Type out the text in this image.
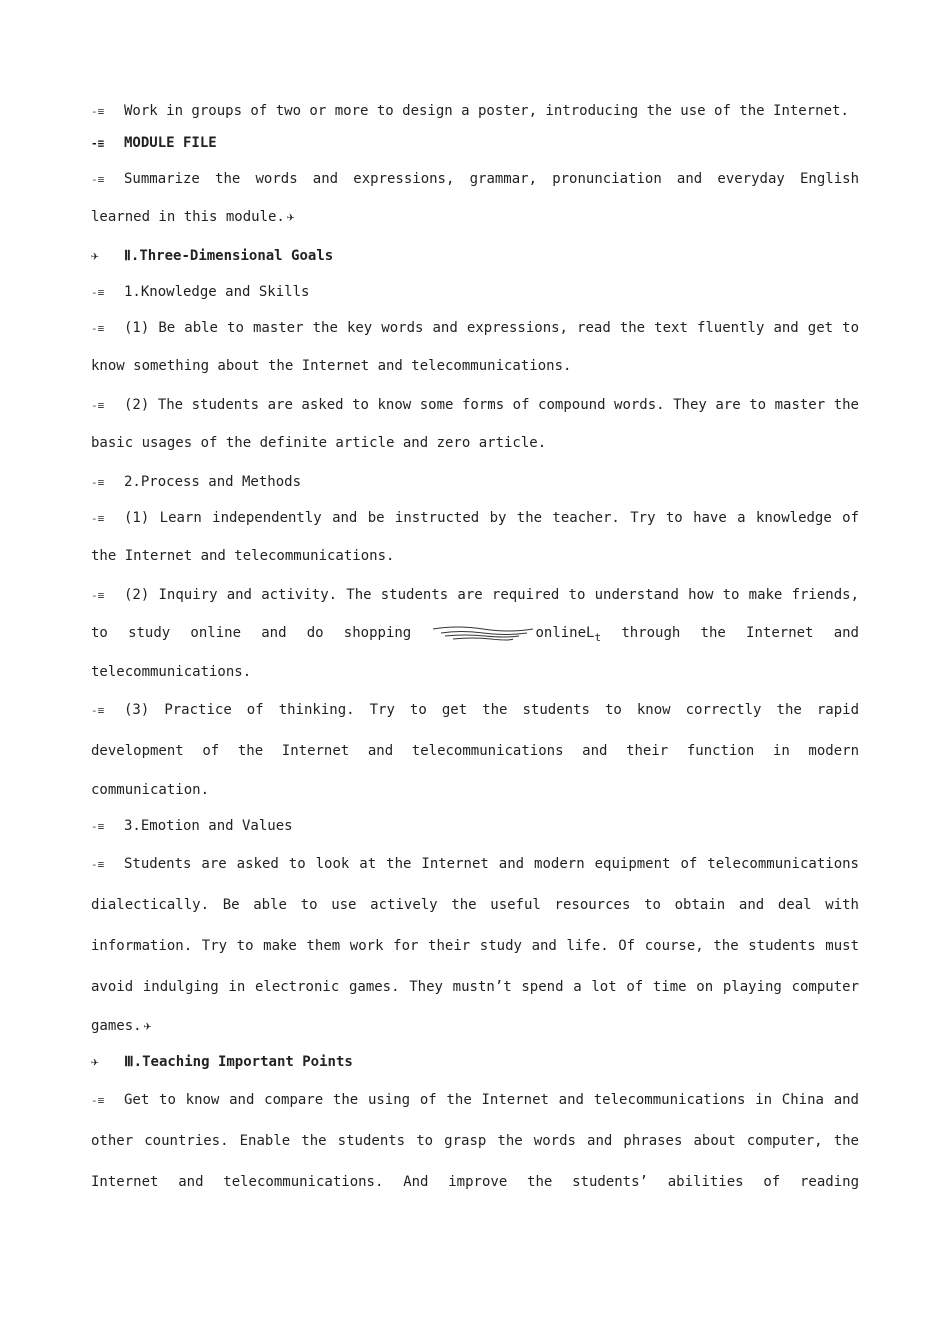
-≡ Work in groups of two or more to design a poster, introducing the use of the Internet.
-≡ MODULE FILE
-≡ Summarize the words and expressions, grammar, pronunciation and everyday English
learned in this module. ✈
✈ Ⅱ.Three-Dimensional Goals
-≡ 1.Knowledge and Skills
-≡ (1) Be able to master the key words and expressions, read the text fluently and get to
know something about the Internet and telecommunications.
-≡ (2) The students are asked to know some forms of compound words. They are to master the
basic usages of the definite article and zero article.
-≡ 2.Process and Methods
-≡ (1) Learn independently and be instructed by the teacher. Try to have a knowledge of
the Internet and telecommunications.
-≡ (2) Inquiry and activity. The students are required to understand how to make friends,
to study online and do shopping	onlineL$_t$ through the Internet and
telecommunications.
-≡ (3) Practice of thinking. Try to get the students to know correctly the rapid
development of the Internet and telecommunications and their function in modern
communication.
-≡ 3.Emotion and Values
-≡ Students are asked to look at the Internet and modern equipment of telecommunications
dialectically. Be able to use actively the useful resources to obtain and deal with
information. Try to make them work for their study and life. Of course, the students must
avoid indulging in electronic games. They mustn’t spend a lot of time on playing computer
games. ✈
✈ Ⅲ.Teaching Important Points
-≡ Get to know and compare the using of the Internet and telecommunications in China and
other countries. Enable the students to grasp the words and phrases about computer, the
Internet and telecommunications. And improve the students’ abilities of reading
